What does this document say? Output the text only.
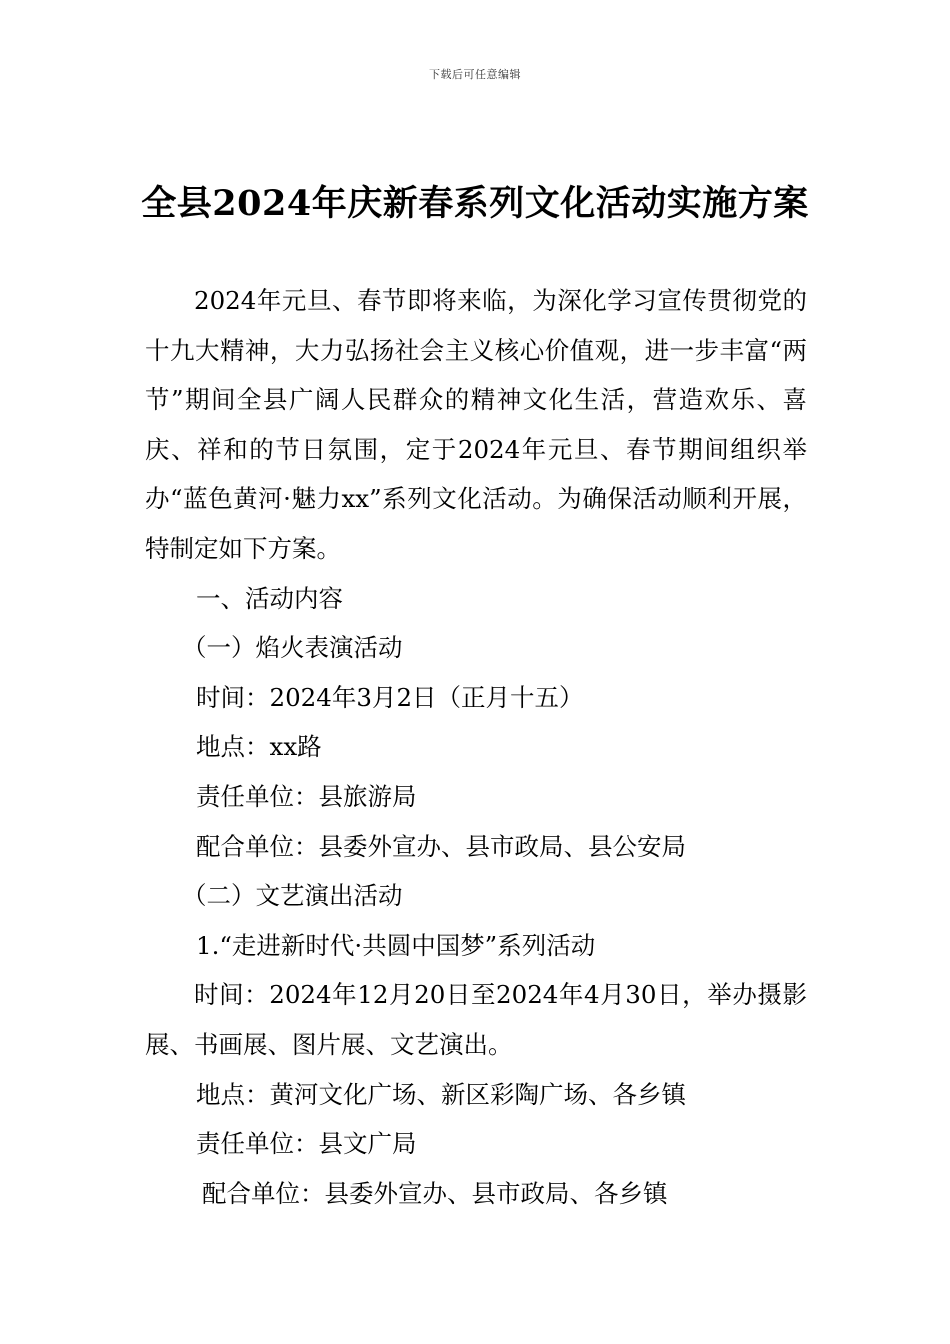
下载后可任意编辑
全县2024年庆新春系列文化活动实施方案

2024年元旦、春节即将来临，为深化学习宣传贯彻党的十九大精神，大力弘扬社会主义核心价值观，进一步丰富“两节”期间全县广阔人民群众的精神文化生活，营造欢乐、喜庆、祥和的节日氛围，定于2024年元旦、春节期间组织举办“蓝色黄河·魅力xx”系列文化活动。为确保活动顺利开展，特制定如下方案。

一、活动内容

（一）焰火表演活动

时间：2024年3月2日（正月十五）

地点：xx路

责任单位：县旅游局

配合单位：县委外宣办、县市政局、县公安局

（二）文艺演出活动

1.“走进新时代·共圆中国梦”系列活动

时间：2024年12月20日至2024年4月30日，举办摄影展、书画展、图片展、文艺演出。

地点：黄河文化广场、新区彩陶广场、各乡镇

责任单位：县文广局

配合单位：县委外宣办、县市政局、各乡镇
